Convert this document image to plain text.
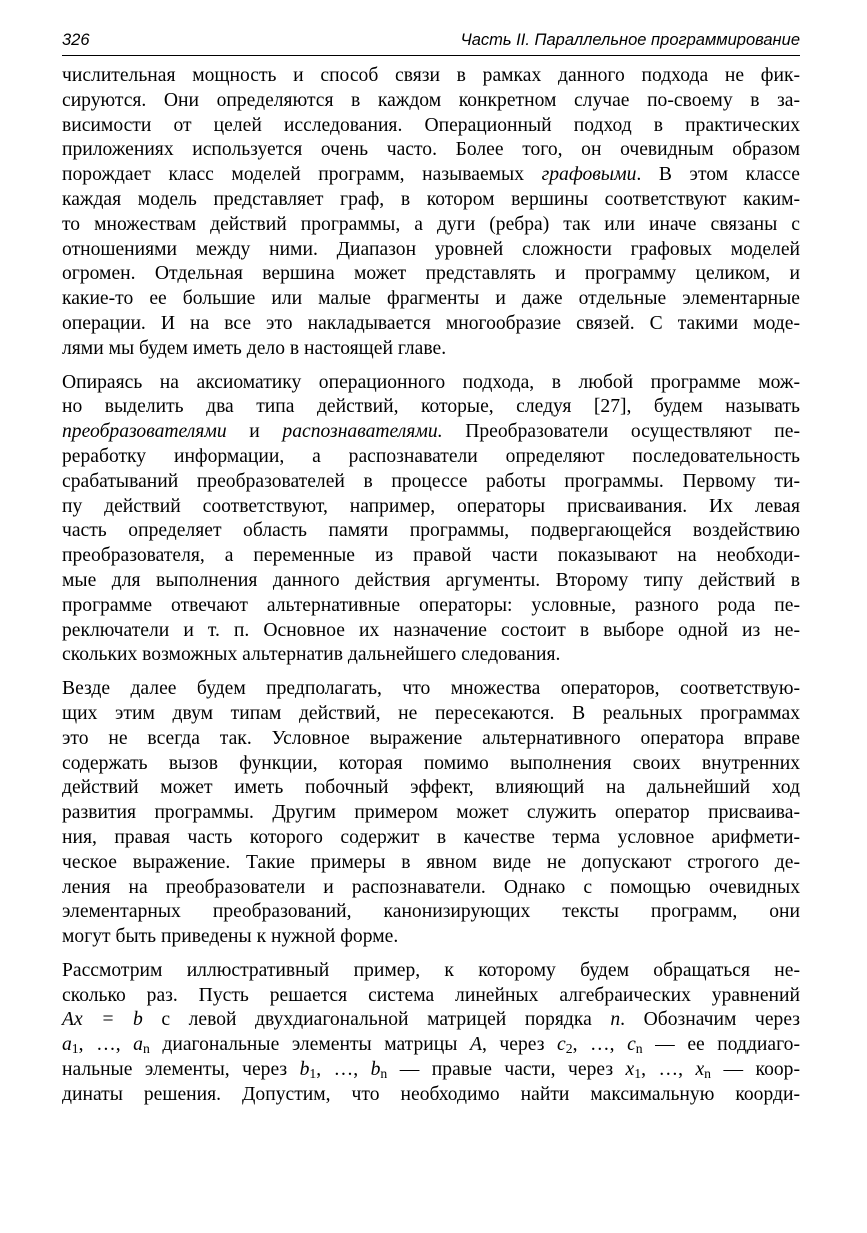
326	Часть II. Параллельное программирование
числительная мощность и способ связи в рамках данного подхода не фик-
сируются. Они определяются в каждом конкретном случае по-своему в за-
висимости от целей исследования. Операционный подход в практических
приложениях используется очень часто. Более того, он очевидным образом
порождает класс моделей программ, называемых графовыми. В этом классе
каждая модель представляет граф, в котором вершины соответствуют каким-
то множествам действий программы, а дуги (ребра) так или иначе связаны с
отношениями между ними. Диапазон уровней сложности графовых моделей
огромен. Отдельная вершина может представлять и программу целиком, и
какие-то ее большие или малые фрагменты и даже отдельные элементарные
операции. И на все это накладывается многообразие связей. С такими моде-
лями мы будем иметь дело в настоящей главе.
Опираясь на аксиоматику операционного подхода, в любой программе мож-
но выделить два типа действий, которые, следуя [27], будем называть
преобразователями и распознавателями. Преобразователи осуществляют пе-
реработку информации, а распознаватели определяют последовательность
срабатываний преобразователей в процессе работы программы. Первому ти-
пу действий соответствуют, например, операторы присваивания. Их левая
часть определяет область памяти программы, подвергающейся воздействию
преобразователя, а переменные из правой части показывают на необходи-
мые для выполнения данного действия аргументы. Второму типу действий в
программе отвечают альтернативные операторы: условные, разного рода пе-
реключатели и т. п. Основное их назначение состоит в выборе одной из не-
скольких возможных альтернатив дальнейшего следования.
Везде далее будем предполагать, что множества операторов, соответствую-
щих этим двум типам действий, не пересекаются. В реальных программах
это не всегда так. Условное выражение альтернативного оператора вправе
содержать вызов функции, которая помимо выполнения своих внутренних
действий может иметь побочный эффект, влияющий на дальнейший ход
развития программы. Другим примером может служить оператор присваива-
ния, правая часть которого содержит в качестве терма условное арифмети-
ческое выражение. Такие примеры в явном виде не допускают строгого де-
ления на преобразователи и распознаватели. Однако с помощью очевидных
элементарных преобразований, канонизирующих тексты программ, они
могут быть приведены к нужной форме.
Рассмотрим иллюстративный пример, к которому будем обращаться не-
сколько раз. Пусть решается система линейных алгебраических уравнений
Ax = b с левой двухдиагональной матрицей порядка n. Обозначим через
$a_1$, …, $a_n$ диагональные элементы матрицы A, через $c_2$, …, $c_n$ — ее поддиаго-
нальные элементы, через $b_1$, …, $b_n$ — правые части, через $x_1$, …, $x_n$ — коор-
динаты решения. Допустим, что необходимо найти максимальную коорди-
